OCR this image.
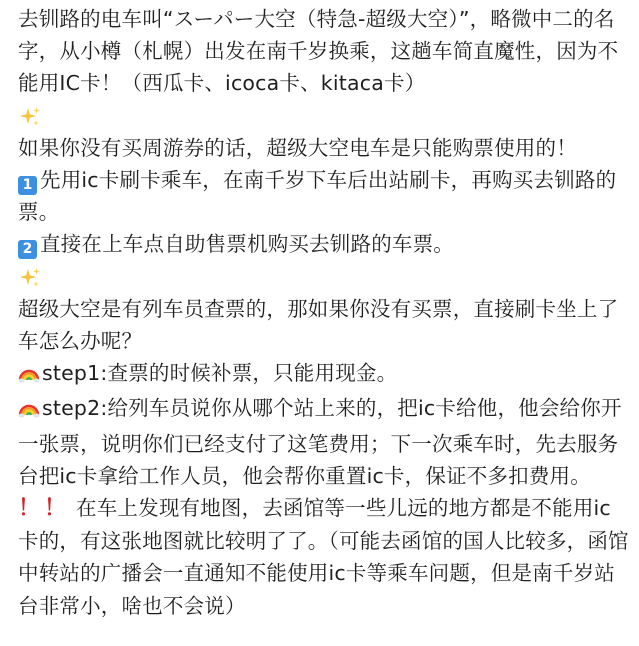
去钏路的电车叫“スーパー大空（特急-超级大空）”，略微中二的名字，从小樽（札幌）出发在南千岁换乘，这趟车简直魔性，因为不能用IC卡！（西瓜卡、icoca卡、kitaca卡）

如果你没有买周游券的话，超级大空电车是只能购票使用的！

1 先用ic卡刷卡乘车，在南千岁下车后出站刷卡，再购买去钏路的票。

2 直接在上车点自助售票机购买去钏路的车票。

超级大空是有列车员查票的，那如果你没有买票，直接刷卡坐上了车怎么办呢？

step1:查票的时候补票，只能用现金。

step2:给列车员说你从哪个站上来的，把ic卡给他，他会给你开一张票，说明你们已经支付了这笔费用；下一次乘车时，先去服务台把ic卡拿给工作人员，他会帮你重置ic卡，保证不多扣费用。

！！ 在车上发现有地图，去函馆等一些儿远的地方都是不能用ic卡的，有这张地图就比较明了了。（可能去函馆的国人比较多，函馆中转站的广播会一直通知不能使用ic卡等乘车问题，但是南千岁站台非常小，啥也不会说）
